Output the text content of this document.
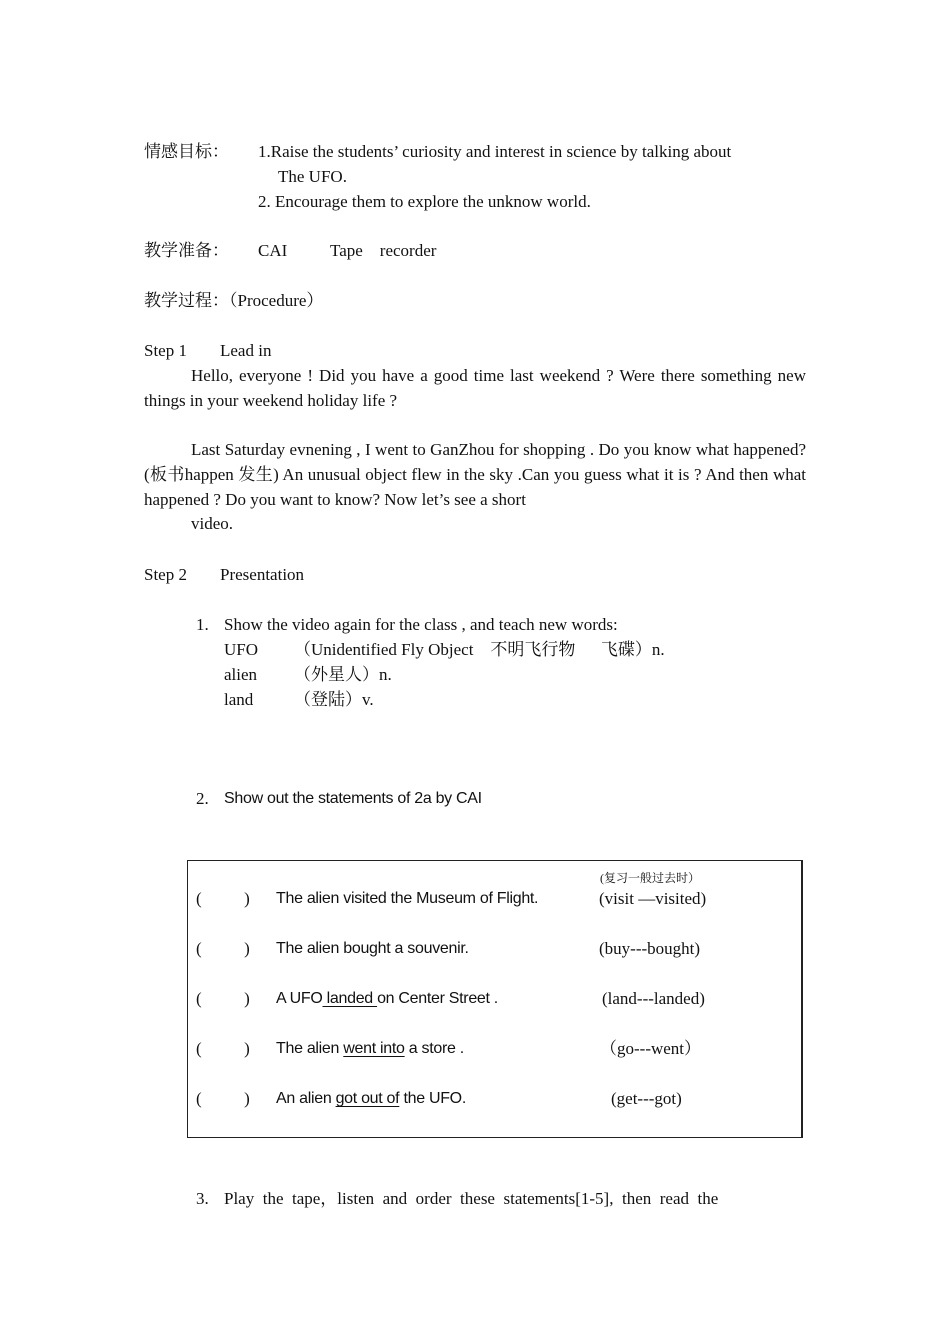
情感目标： 1.Raise the students’ curiosity and interest in science by talking about
The UFO.
2. Encourage them to explore the unknow world.
教学准备： CAI	Tape    recorder
教学过程：（Procedure）
Step 1 Lead in
Hello, everyone ! Did you have a good time last weekend ? Were there something new things in your weekend holiday life ?
Last Saturday evnening , I went to GanZhou for shopping . Do you know what happened?(板书happen 发生) An unusual object flew in the sky .Can you guess what it is ? And then what happened ? Do you want to know? Now let’s see a short
video.
Step 2 Presentation
1. Show the video again for the class , and teach new words:
UFO （Unidentified Fly Object    不明飞行物      飞碟）n.
alien （外星人）n.
land （登陆）v.
2. Show out the statements of 2a by CAI
(复习一般过去时）
(          ) The alien visited the Museum of Flight.	(visit —visited)
(          ) The alien bought a souvenir.	(buy---bought)
(          ) A UFO landed on Center Street .	(land---landed)
(          ) The alien went into a store .	（go---went）
(          ) An alien got out of the UFO.	(get---got)
3. Play  the  tape，listen  and  order  these  statements[1-5],  then  read  the
